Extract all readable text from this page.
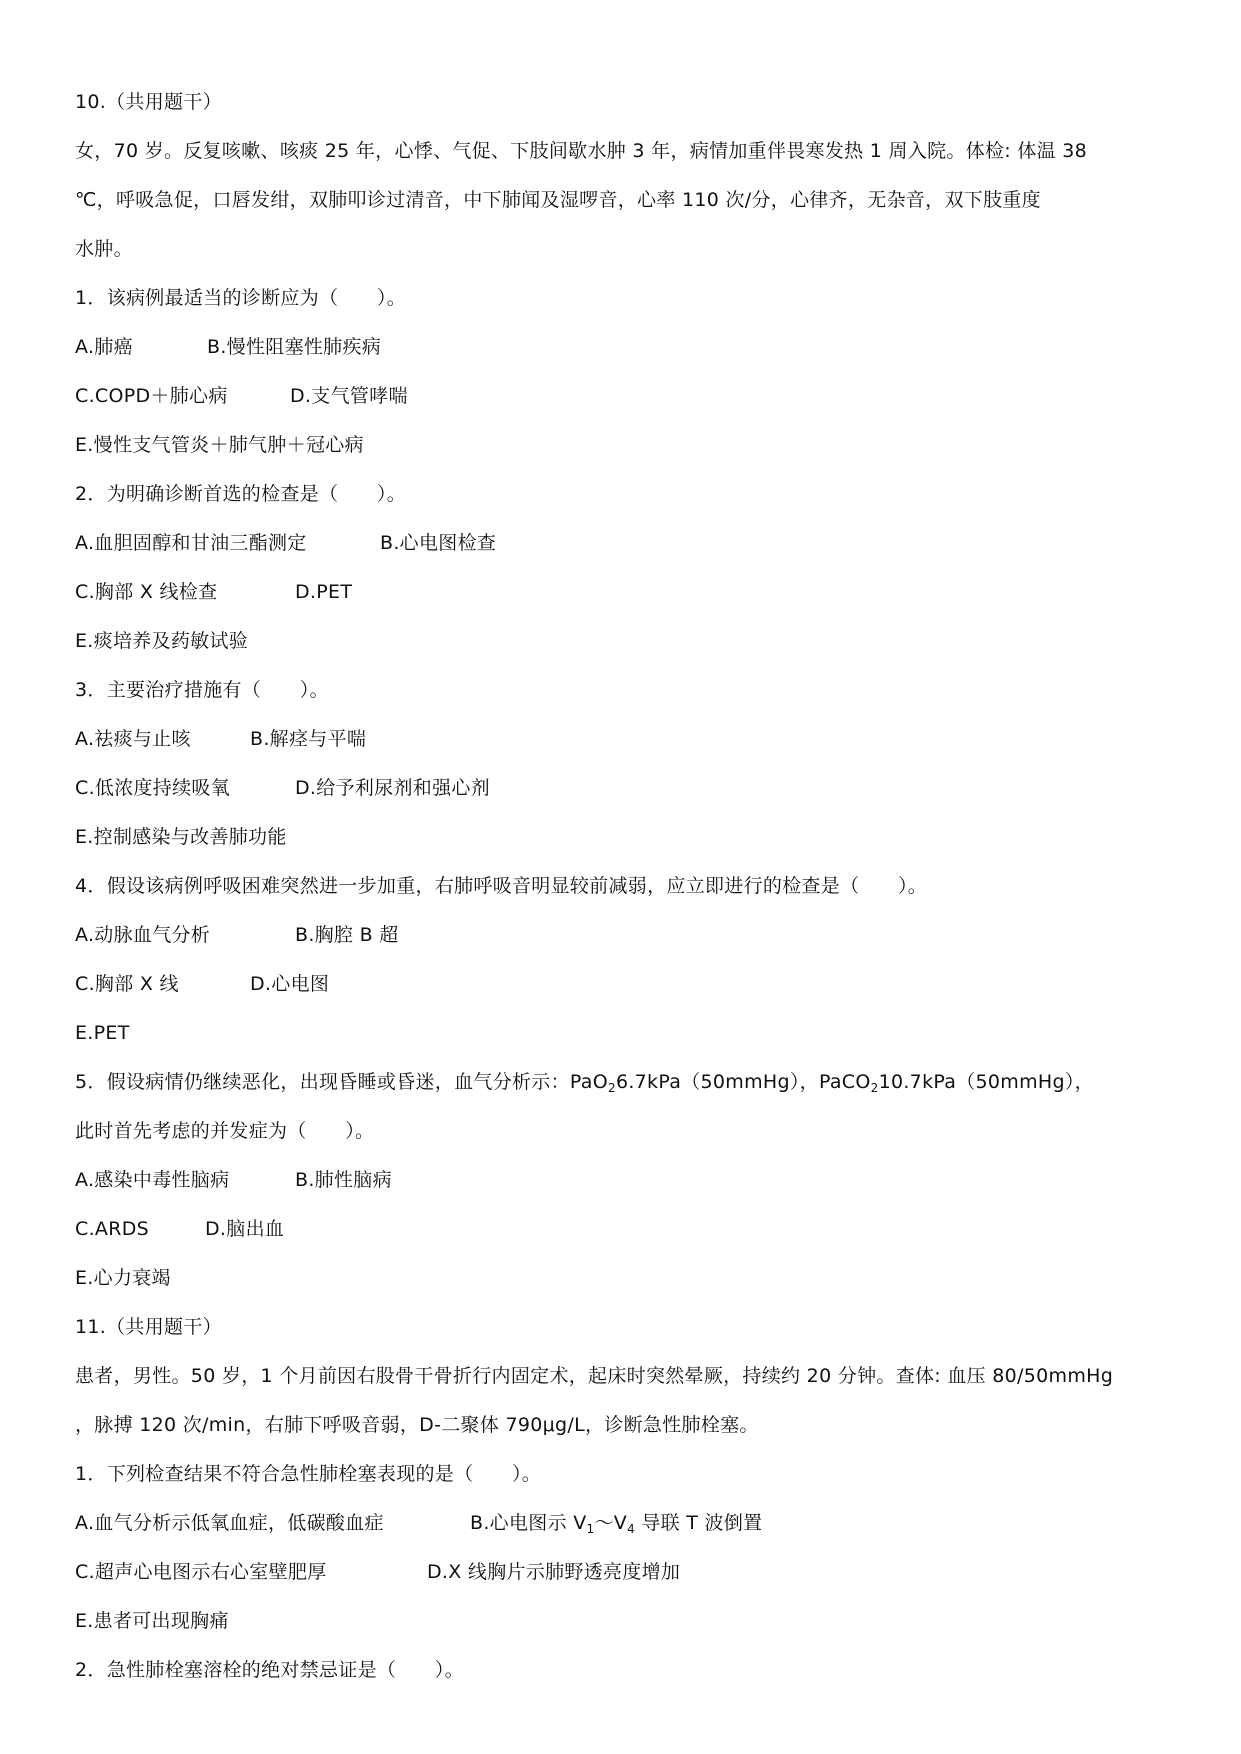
10.（共用题干）
女，70 岁。反复咳嗽、咳痰 25 年，心悸、气促、下肢间歇水肿 3 年，病情加重伴畏寒发热 1 周入院。体检: 体温 38
℃，呼吸急促，口唇发绀，双肺叩诊过清音，中下肺闻及湿啰音，心率 110 次/分，心律齐，无杂音，双下肢重度
水肿。
1．该病例最适当的诊断应为（　　）。
A.肺癌	B.慢性阻塞性肺疾病
C.COPD＋肺心病	D.支气管哮喘
E.慢性支气管炎＋肺气肿＋冠心病
2．为明确诊断首选的检查是（　　）。
A.血胆固醇和甘油三酯测定	B.心电图检查
C.胸部 X 线检查	D.PET
E.痰培养及药敏试验
3．主要治疗措施有（　　）。
A.祛痰与止咳	B.解痉与平喘
C.低浓度持续吸氧	D.给予利尿剂和强心剂
E.控制感染与改善肺功能
4．假设该病例呼吸困难突然进一步加重，右肺呼吸音明显较前减弱，应立即进行的检查是（　　）。
A.动脉血气分析	B.胸腔 B 超
C.胸部 X 线	D.心电图
E.PET
5．假设病情仍继续恶化，出现昏睡或昏迷，血气分析示：PaO$_2$6.7kPa（50mmHg），PaCO$_2$10.7kPa（50mmHg），
此时首先考虑的并发症为（　　）。
A.感染中毒性脑病	B.肺性脑病
C.ARDS	D.脑出血
E.心力衰竭
11.（共用题干）
患者，男性。50 岁，1 个月前因右股骨干骨折行内固定术，起床时突然晕厥，持续约 20 分钟。查体: 血压 80/50mmHg
，脉搏 120 次/min，右肺下呼吸音弱，D-二聚体 790μg/L，诊断急性肺栓塞。
1．下列检查结果不符合急性肺栓塞表现的是（　　）。
A.血气分析示低氧血症，低碳酸血症	B.心电图示 $V_1\sim V_4$ 导联 T 波倒置
C.超声心电图示右心室壁肥厚	D.X 线胸片示肺野透亮度增加
E.患者可出现胸痛
2．急性肺栓塞溶栓的绝对禁忌证是（　　）。
